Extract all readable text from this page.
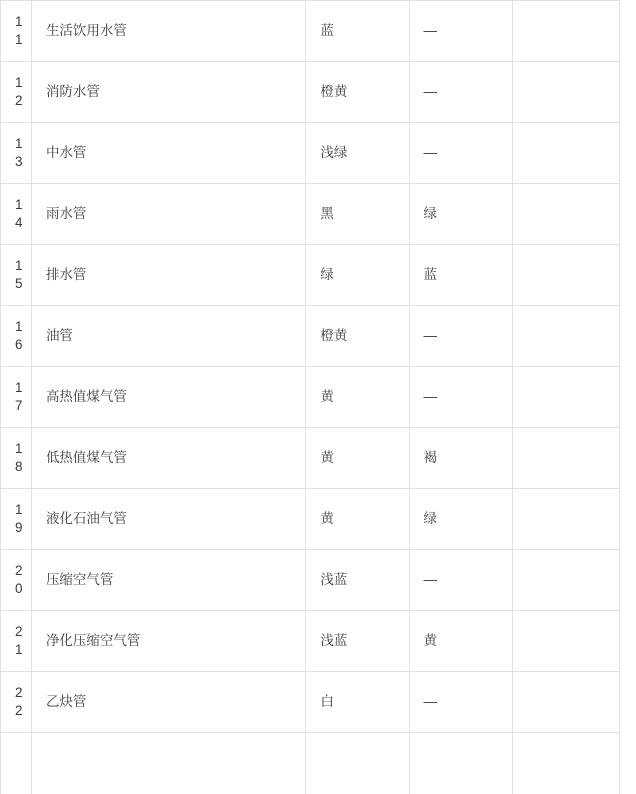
11	生活饮用水管	蓝	—	
12	消防水管	橙黄	—	
13	中水管	浅绿	—	
14	雨水管	黑	绿	
15	排水管	绿	蓝	
16	油管	橙黄	—	
17	高热值煤气管	黄	—	
18	低热值煤气管	黄	褐	
19	液化石油气管	黄	绿	
20	压缩空气管	浅蓝	—	
21	净化压缩空气管	浅蓝	黄	
22	乙炔管	白	—	
